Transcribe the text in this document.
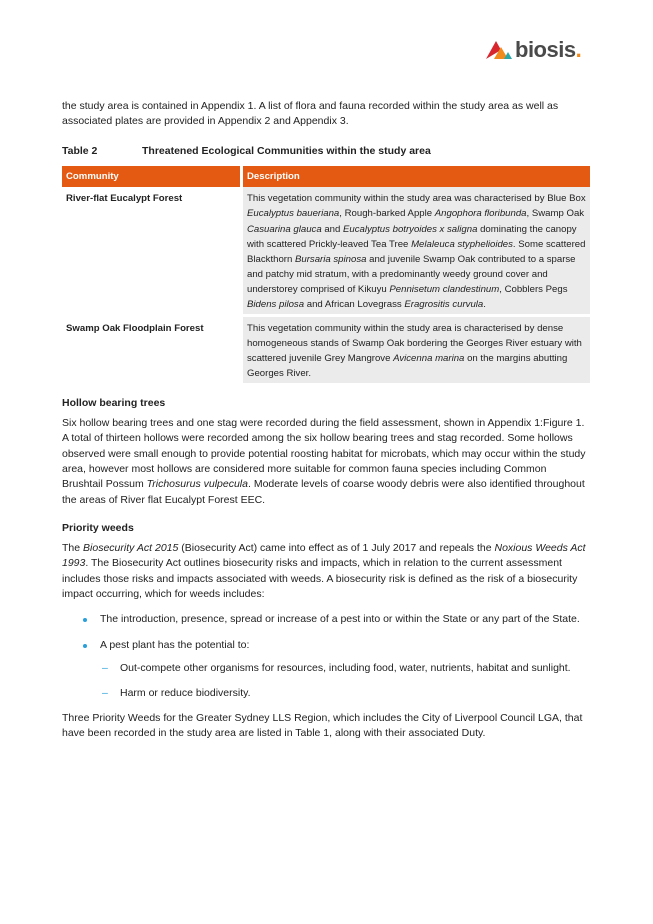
biosis.

the study area is contained in Appendix 1. A list of flora and fauna recorded within the study area as well as associated plates are provided in Appendix 2 and Appendix 3.

Table 2	Threatened Ecological Communities within the study area
Community	Description
River-flat Eucalypt Forest	This vegetation community within the study area was characterised by Blue Box Eucalyptus baueriana, Rough-barked Apple Angophora floribunda, Swamp Oak Casuarina glauca and Eucalyptus botryoides x saligna dominating the canopy with scattered Prickly-leaved Tea Tree Melaleuca styphelioides. Some scattered Blackthorn Bursaria spinosa and juvenile Swamp Oak contributed to a sparse and patchy mid stratum, with a predominantly weedy ground cover and understorey comprised of Kikuyu Pennisetum clandestinum, Cobblers Pegs Bidens pilosa and African Lovegrass Eragrositis curvula.
Swamp Oak Floodplain Forest	This vegetation community within the study area is characterised by dense homogeneous stands of Swamp Oak bordering the Georges River estuary with scattered juvenile Grey Mangrove Avicenna marina on the margins abutting Georges River.
Hollow bearing trees

Six hollow bearing trees and one stag were recorded during the field assessment, shown in Appendix 1:Figure 1. A total of thirteen hollows were recorded among the six hollow bearing trees and stag recorded. Some hollows observed were small enough to provide potential roosting habitat for microbats, which may occur within the study area, however most hollows are considered more suitable for common fauna species including Common Brushtail Possum Trichosurus vulpecula. Moderate levels of coarse woody debris were also identified throughout the areas of River flat Eucalypt Forest EEC.

Priority weeds

The Biosecurity Act 2015 (Biosecurity Act) came into effect as of 1 July 2017 and repeals the Noxious Weeds Act 1993. The Biosecurity Act outlines biosecurity risks and impacts, which in relation to the current assessment includes those risks and impacts associated with weeds. A biosecurity risk is defined as the risk of a biosecurity impact occurring, which for weeds includes:

The introduction, presence, spread or increase of a pest into or within the State or any part of the State.
A pest plant has the potential to:
– Out-compete other organisms for resources, including food, water, nutrients, habitat and sunlight.
– Harm or reduce biodiversity.

Three Priority Weeds for the Greater Sydney LLS Region, which includes the City of Liverpool Council LGA, that have been recorded in the study area are listed in Table 1, along with their associated Duty.
